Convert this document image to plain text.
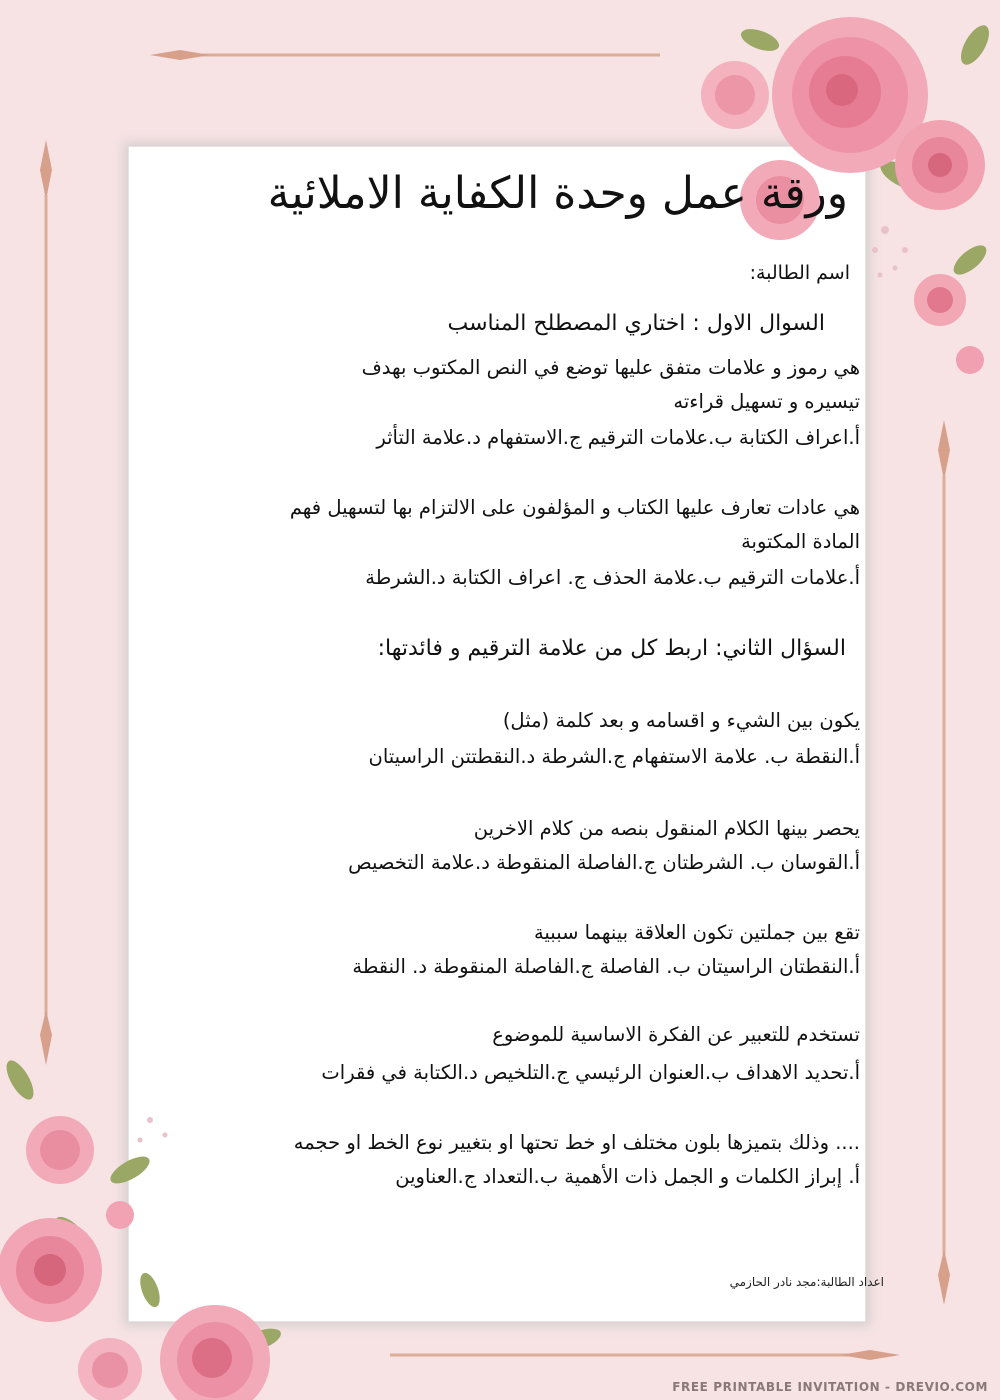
ورقة عمل وحدة الكفاية الاملائية
اسم الطالبة:
السوال الاول : اختاري المصطلح المناسب
هي رموز و علامات متفق عليها توضع في النص المكتوب بهدف
تيسيره و تسهيل قراءته
أ.اعراف الكتابة ب.علامات الترقيم ج.الاستفهام د.علامة التأثر
هي عادات تعارف عليها الكتاب و المؤلفون على الالتزام بها لتسهيل فهم
المادة المكتوبة
أ.علامات الترقيم ب.علامة الحذف ج. اعراف الكتابة د.الشرطة
السؤال الثاني: اربط كل من علامة الترقيم و فائدتها:
يكون بين الشيء و اقسامه و بعد كلمة (مثل)
أ.النقطة ب. علامة الاستفهام ج.الشرطة د.النقطتتن الراسيتان
يحصر بينها الكلام المنقول بنصه من كلام الاخرين
أ.القوسان ب. الشرطتان ج.الفاصلة المنقوطة د.علامة التخصيص
تقع بين جملتين تكون العلاقة بينهما سببية
أ.النقطتان الراسيتان ب. الفاصلة ج.الفاصلة المنقوطة د. النقطة
تستخدم للتعبير عن الفكرة الاساسية للموضوع
أ.تحديد الاهداف ب.العنوان الرئيسي ج.التلخيص د.الكتابة في فقرات
.... وذلك بتميزها بلون مختلف او خط تحتها او بتغيير نوع الخط او حجمه
أ. إبراز الكلمات و الجمل ذات الأهمية ب.التعداد ج.العناوين
اعداد الطالبة:مجد نادر الحازمي
FREE PRINTABLE INVITATION - DREVIO.COM
